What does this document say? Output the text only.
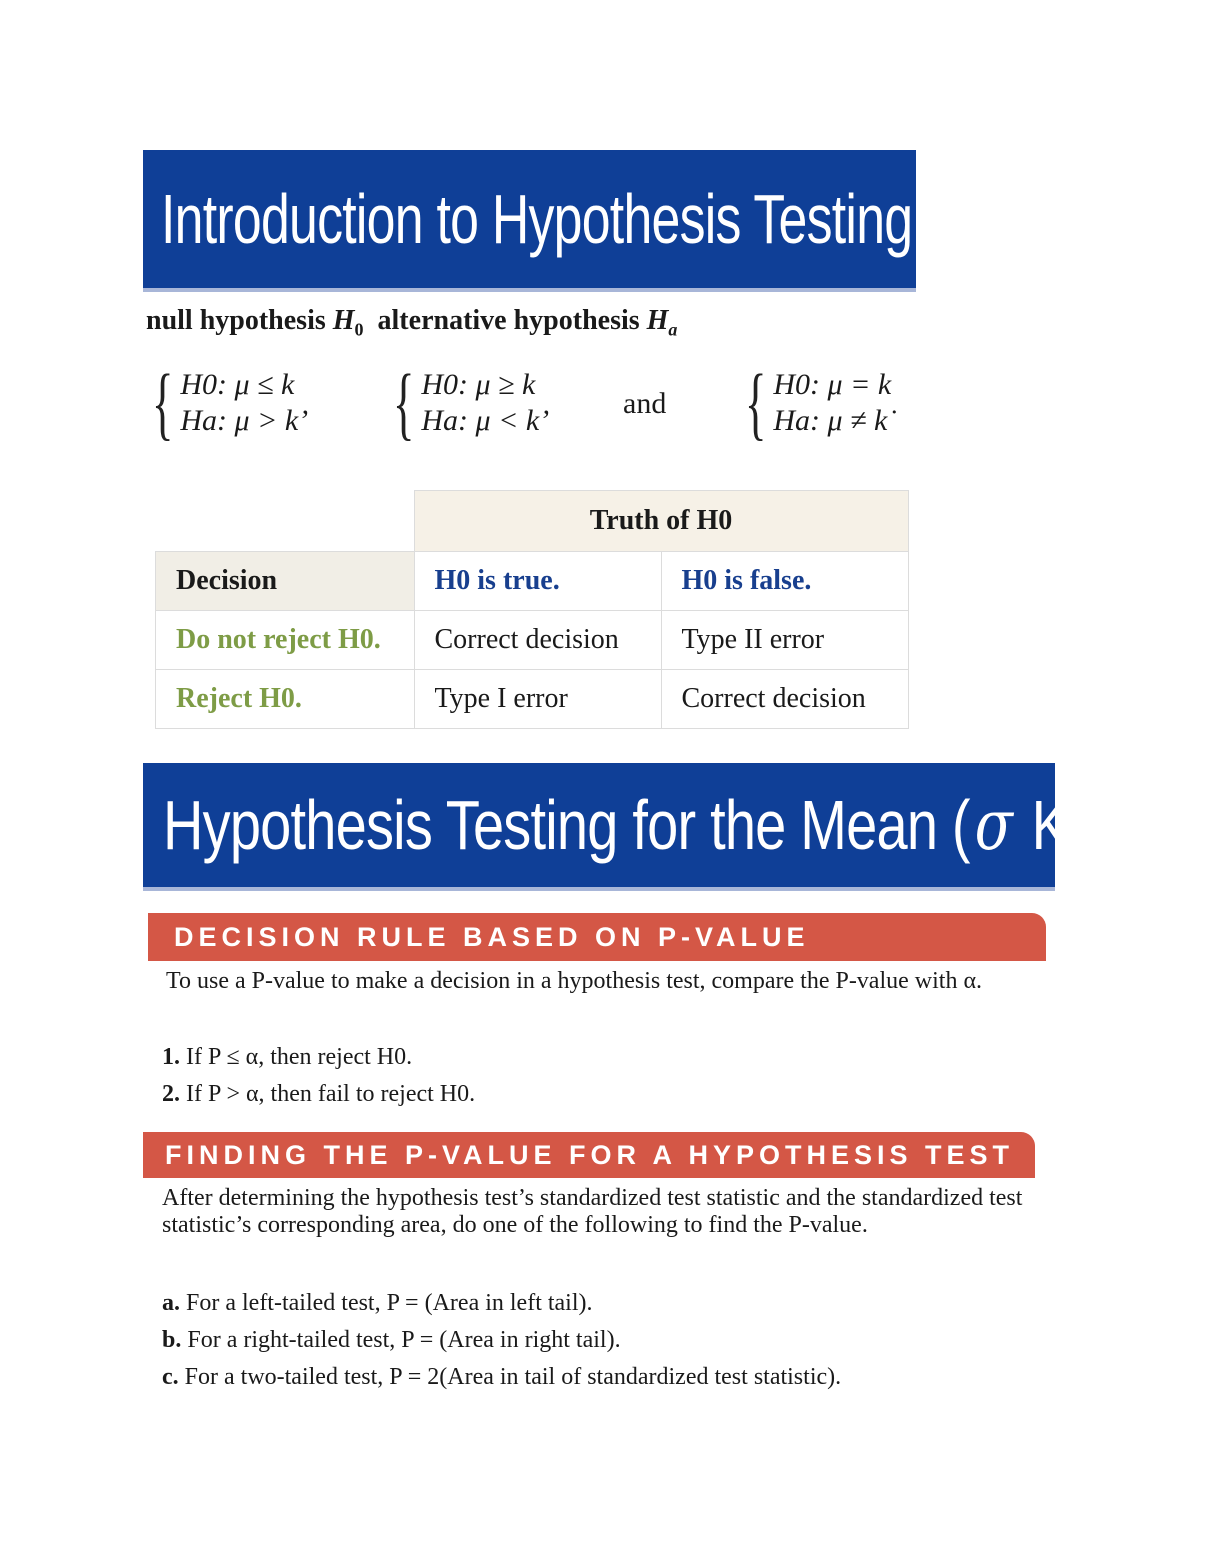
Introduction to Hypothesis Testing
null hypothesis $H_0$ alternative hypothesis $H_a$
{ H0: μ ≤ k
Ha: μ > k’ { H0: μ ≥ k
Ha: μ < k’
and { H0: μ = k
Ha: μ ≠ k˙
	Truth of H0	
Decision	H0 is true.	H0 is false.
Do not reject H0.	Correct decision	Type II error
Reject H0.	Type I error	Correct decision
Hypothesis Testing for the Mean (σ Known)
DECISION RULE BASED ON P-VALUE
To use a P-value to make a decision in a hypothesis test, compare the P-value with α.
1. If P ≤ α, then reject H0.
2. If P > α, then fail to reject H0.
FINDING THE P-VALUE FOR A HYPOTHESIS TEST
After determining the hypothesis test’s standardized test statistic and the standardized test statistic’s corresponding area, do one of the following to find the P-value.
a. For a left-tailed test, P = (Area in left tail).
b. For a right-tailed test, P = (Area in right tail).
c. For a two-tailed test, P = 2(Area in tail of standardized test statistic).
